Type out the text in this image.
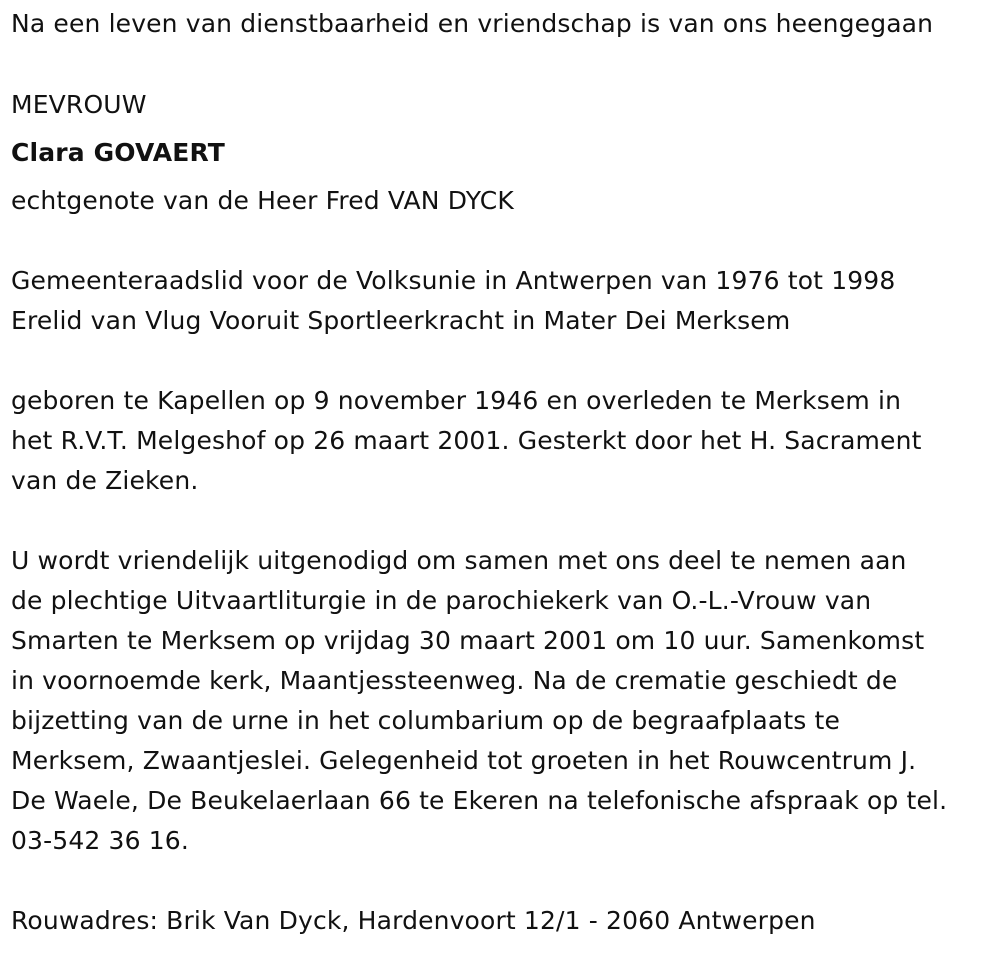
Na een leven van dienstbaarheid en vriendschap is van ons heengegaan
MEVROUW
Clara GOVAERT
echtgenote van de Heer Fred VAN DYCK
Gemeenteraadslid voor de Volksunie in Antwerpen van 1976 tot 1998
Erelid van Vlug Vooruit Sportleerkracht in Mater Dei Merksem
geboren te Kapellen op 9 november 1946 en overleden te Merksem in
het R.V.T. Melgeshof op 26 maart 2001. Gesterkt door het H. Sacrament
van de Zieken.
U wordt vriendelijk uitgenodigd om samen met ons deel te nemen aan
de plechtige Uitvaartliturgie in de parochiekerk van O.-L.-Vrouw van
Smarten te Merksem op vrijdag 30 maart 2001 om 10 uur. Samenkomst
in voornoemde kerk, Maantjessteenweg. Na de crematie geschiedt de
bijzetting van de urne in het columbarium op de begraafplaats te
Merksem, Zwaantjeslei. Gelegenheid tot groeten in het Rouwcentrum J.
De Waele, De Beukelaerlaan 66 te Ekeren na telefonische afspraak op tel.
03-542 36 16.
Rouwadres: Brik Van Dyck, Hardenvoort 12/1 - 2060 Antwerpen
